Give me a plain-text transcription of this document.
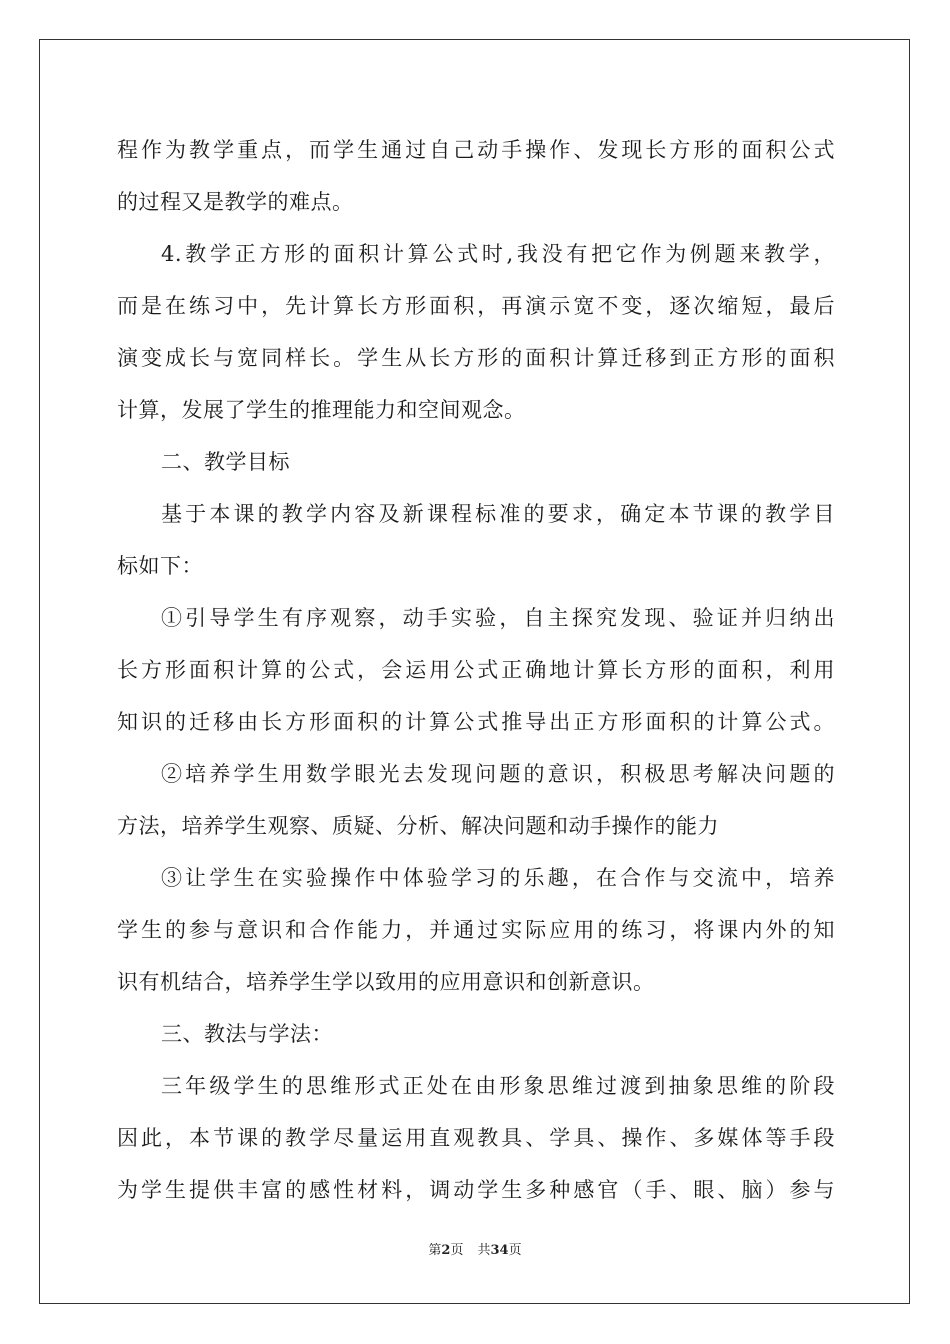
程作为教学重点，而学生通过自己动手操作、发现长方形的面积公式
的过程又是教学的难点。
4.教学正方形的面积计算公式时,我没有把它作为例题来教学，
而是在练习中，先计算长方形面积，再演示宽不变，逐次缩短，最后
演变成长与宽同样长。学生从长方形的面积计算迁移到正方形的面积
计算，发展了学生的推理能力和空间观念。
二、教学目标
基于本课的教学内容及新课程标准的要求，确定本节课的教学目
标如下：
①引导学生有序观察，动手实验，自主探究发现、验证并归纳出
长方形面积计算的公式，会运用公式正确地计算长方形的面积，利用
知识的迁移由长方形面积的计算公式推导出正方形面积的计算公式。
②培养学生用数学眼光去发现问题的意识，积极思考解决问题的
方法，培养学生观察、质疑、分析、解决问题和动手操作的能力
③让学生在实验操作中体验学习的乐趣，在合作与交流中，培养
学生的参与意识和合作能力，并通过实际应用的练习，将课内外的知
识有机结合，培养学生学以致用的应用意识和创新意识。
三、教法与学法：
三年级学生的思维形式正处在由形象思维过渡到抽象思维的阶段
因此，本节课的教学尽量运用直观教具、学具、操作、多媒体等手段
为学生提供丰富的感性材料，调动学生多种感官（手、眼、脑）参与
第2页 共34页
